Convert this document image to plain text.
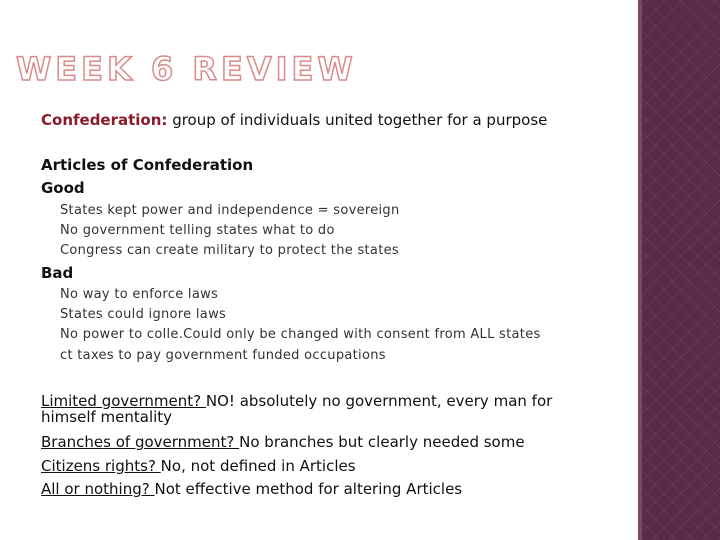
WEEK 6 REVIEW
Confederation: group of individuals united together for a purpose
Articles of Confederation
Good
States kept power and independence = sovereign
No government telling states what to do
Congress can create military to protect the states
Bad
No way to enforce laws
States could ignore laws
No power to colle.Could only be changed with consent from ALL states
ct taxes to pay government funded occupations
Limited government? NO! absolutely no government, every man for himself mentality
Branches of government? No branches but clearly needed some
Citizens rights? No, not defined in Articles
All or nothing? Not effective method for altering Articles
